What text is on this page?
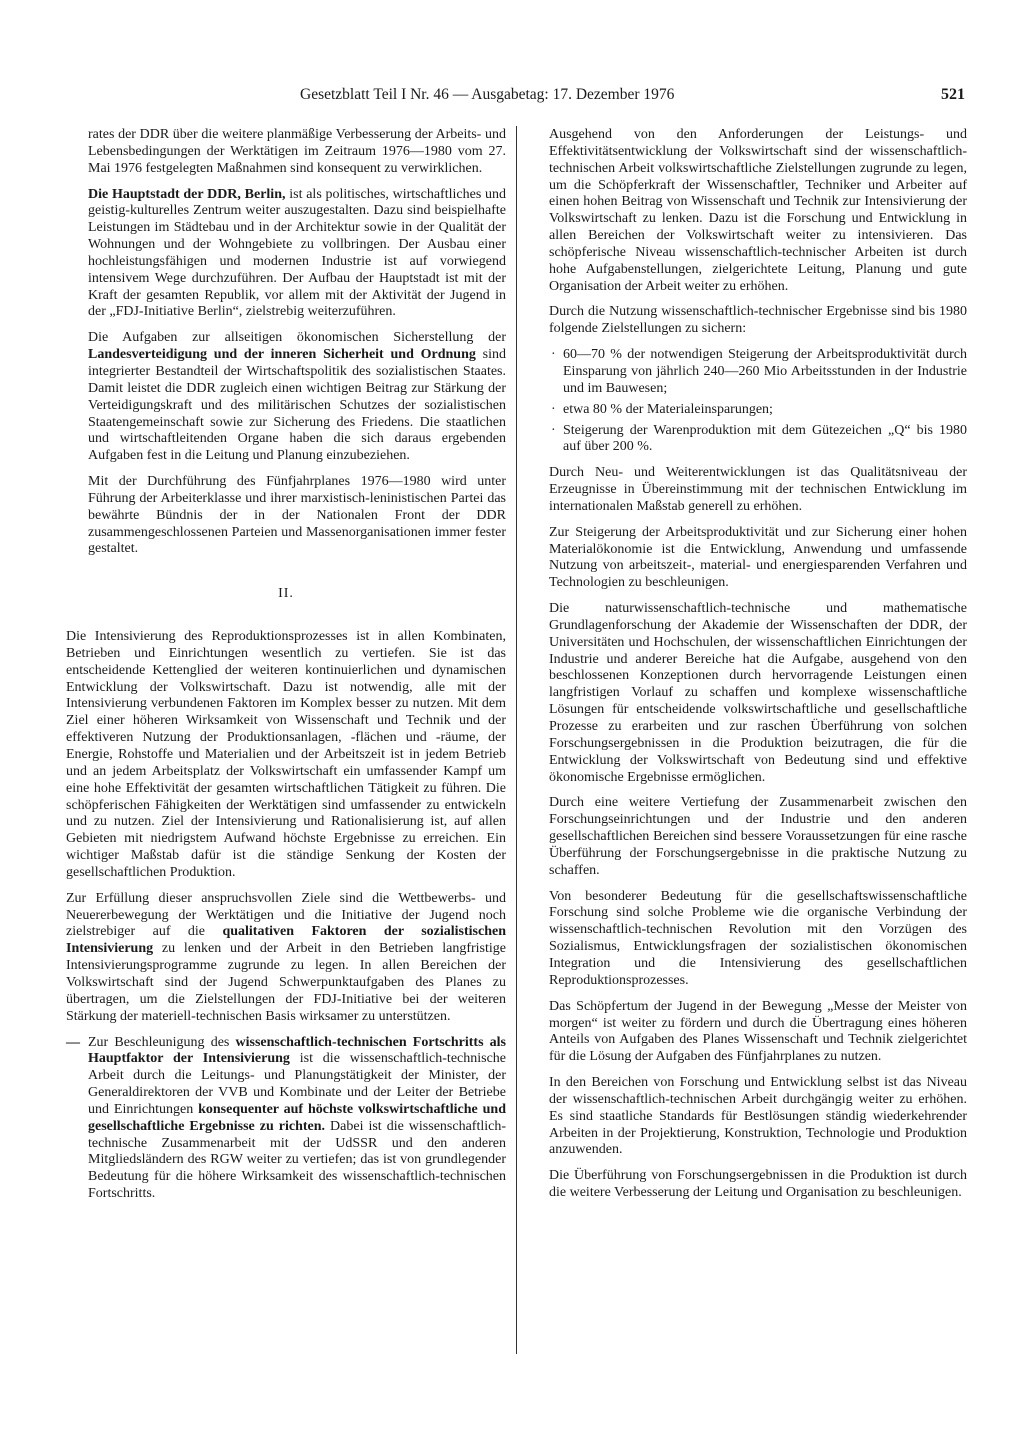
Gesetzblatt Teil I Nr. 46 — Ausgabetag: 17. Dezember 1976	521

rates der DDR über die weitere planmäßige Verbesserung der Arbeits- und Lebensbedingungen der Werktätigen im Zeitraum 1976—1980 vom 27. Mai 1976 festgelegten Maßnahmen sind konsequent zu verwirklichen.

Die Hauptstadt der DDR, Berlin, ist als politisches, wirtschaftliches und geistig-kulturelles Zentrum weiter auszugestalten. Dazu sind beispielhafte Leistungen im Städtebau und in der Architektur sowie in der Qualität der Wohnungen und der Wohngebiete zu vollbringen. Der Ausbau einer hochleistungsfähigen und modernen Industrie ist auf vorwiegend intensivem Wege durchzuführen. Der Aufbau der Hauptstadt ist mit der Kraft der gesamten Republik, vor allem mit der Aktivität der Jugend in der „FDJ-Initiative Berlin“, zielstrebig weiterzuführen.

Die Aufgaben zur allseitigen ökonomischen Sicherstellung der Landesverteidigung und der inneren Sicherheit und Ordnung sind integrierter Bestandteil der Wirtschaftspolitik des sozialistischen Staates. Damit leistet die DDR zugleich einen wichtigen Beitrag zur Stärkung der Verteidigungskraft und des militärischen Schutzes der sozialistischen Staatengemeinschaft sowie zur Sicherung des Friedens. Die staatlichen und wirtschaftleitenden Organe haben die sich daraus ergebenden Aufgaben fest in die Leitung und Planung einzubeziehen.

Mit der Durchführung des Fünfjahrplanes 1976—1980 wird unter Führung der Arbeiterklasse und ihrer marxistisch-leninistischen Partei das bewährte Bündnis der in der Nationalen Front der DDR zusammengeschlossenen Parteien und Massenorganisationen immer fester gestaltet.

II.

Die Intensivierung des Reproduktionsprozesses ist in allen Kombinaten, Betrieben und Einrichtungen wesentlich zu vertiefen. Sie ist das entscheidende Kettenglied der weiteren kontinuierlichen und dynamischen Entwicklung der Volkswirtschaft. Dazu ist notwendig, alle mit der Intensivierung verbundenen Faktoren im Komplex besser zu nutzen. Mit dem Ziel einer höheren Wirksamkeit von Wissenschaft und Technik und der effektiveren Nutzung der Produktionsanlagen, -flächen und -räume, der Energie, Rohstoffe und Materialien und der Arbeitszeit ist in jedem Betrieb und an jedem Arbeitsplatz der Volkswirtschaft ein umfassender Kampf um eine hohe Effektivität der gesamten wirtschaftlichen Tätigkeit zu führen. Die schöpferischen Fähigkeiten der Werktätigen sind umfassender zu entwickeln und zu nutzen. Ziel der Intensivierung und Rationalisierung ist, auf allen Gebieten mit niedrigstem Aufwand höchste Ergebnisse zu erreichen. Ein wichtiger Maßstab dafür ist die ständige Senkung der Kosten der gesellschaftlichen Produktion.

Zur Erfüllung dieser anspruchsvollen Ziele sind die Wettbewerbs- und Neuererbewegung der Werktätigen und die Initiative der Jugend noch zielstrebiger auf die qualitativen Faktoren der sozialistischen Intensivierung zu lenken und der Arbeit in den Betrieben langfristige Intensivierungsprogramme zugrunde zu legen. In allen Bereichen der Volkswirtschaft sind der Jugend Schwerpunktaufgaben des Planes zu übertragen, um die Zielstellungen der FDJ-Initiative bei der weiteren Stärkung der materiell-technischen Basis wirksamer zu unterstützen.

— Zur Beschleunigung des wissenschaftlich-technischen Fortschritts als Hauptfaktor der Intensivierung ist die wissenschaftlich-technische Arbeit durch die Leitungs- und Planungstätigkeit der Minister, der Generaldirektoren der VVB und Kombinate und der Leiter der Betriebe und Einrichtungen konsequenter auf höchste volkswirtschaftliche und gesellschaftliche Ergebnisse zu richten. Dabei ist die wissenschaftlich-technische Zusammenarbeit mit der UdSSR und den anderen Mitgliedsländern des RGW weiter zu vertiefen; das ist von grundlegender Bedeutung für die höhere Wirksamkeit des wissenschaftlich-technischen Fortschritts.

Ausgehend von den Anforderungen der Leistungs- und Effektivitätsentwicklung der Volkswirtschaft sind der wissenschaftlich-technischen Arbeit volkswirtschaftliche Zielstellungen zugrunde zu legen, um die Schöpferkraft der Wissenschaftler, Techniker und Arbeiter auf einen hohen Beitrag von Wissenschaft und Technik zur Intensivierung der Volkswirtschaft zu lenken. Dazu ist die Forschung und Entwicklung in allen Bereichen der Volkswirtschaft weiter zu intensivieren. Das schöpferische Niveau wissenschaftlich-technischer Arbeiten ist durch hohe Aufgabenstellungen, zielgerichtete Leitung, Planung und gute Organisation der Arbeit weiter zu erhöhen.

Durch die Nutzung wissenschaftlich-technischer Ergebnisse sind bis 1980 folgende Zielstellungen zu sichern:

· 60—70 % der notwendigen Steigerung der Arbeitsproduktivität durch Einsparung von jährlich 240—260 Mio Arbeitsstunden in der Industrie und im Bauwesen;
· etwa 80 % der Materialeinsparungen;
· Steigerung der Warenproduktion mit dem Gütezeichen „Q“ bis 1980 auf über 200 %.

Durch Neu- und Weiterentwicklungen ist das Qualitätsniveau der Erzeugnisse in Übereinstimmung mit der technischen Entwicklung im internationalen Maßstab generell zu erhöhen.

Zur Steigerung der Arbeitsproduktivität und zur Sicherung einer hohen Materialökonomie ist die Entwicklung, Anwendung und umfassende Nutzung von arbeitszeit-, material- und energiesparenden Verfahren und Technologien zu beschleunigen.

Die naturwissenschaftlich-technische und mathematische Grundlagenforschung der Akademie der Wissenschaften der DDR, der Universitäten und Hochschulen, der wissenschaftlichen Einrichtungen der Industrie und anderer Bereiche hat die Aufgabe, ausgehend von den beschlossenen Konzeptionen durch hervorragende Leistungen einen langfristigen Vorlauf zu schaffen und komplexe wissenschaftliche Lösungen für entscheidende volkswirtschaftliche und gesellschaftliche Prozesse zu erarbeiten und zur raschen Überführung von solchen Forschungsergebnissen in die Produktion beizutragen, die für die Entwicklung der Volkswirtschaft von Bedeutung sind und effektive ökonomische Ergebnisse ermöglichen.

Durch eine weitere Vertiefung der Zusammenarbeit zwischen den Forschungseinrichtungen und der Industrie und den anderen gesellschaftlichen Bereichen sind bessere Voraussetzungen für eine rasche Überführung der Forschungsergebnisse in die praktische Nutzung zu schaffen.

Von besonderer Bedeutung für die gesellschaftswissenschaftliche Forschung sind solche Probleme wie die organische Verbindung der wissenschaftlich-technischen Revolution mit den Vorzügen des Sozialismus, Entwicklungsfragen der sozialistischen ökonomischen Integration und die Intensivierung des gesellschaftlichen Reproduktionsprozesses.

Das Schöpfertum der Jugend in der Bewegung „Messe der Meister von morgen“ ist weiter zu fördern und durch die Übertragung eines höheren Anteils von Aufgaben des Planes Wissenschaft und Technik zielgerichtet für die Lösung der Aufgaben des Fünfjahrplanes zu nutzen.

In den Bereichen von Forschung und Entwicklung selbst ist das Niveau der wissenschaftlich-technischen Arbeit durchgängig weiter zu erhöhen. Es sind staatliche Standards für Bestlösungen ständig wiederkehrender Arbeiten in der Projektierung, Konstruktion, Technologie und Produktion anzuwenden.

Die Überführung von Forschungsergebnissen in die Produktion ist durch die weitere Verbesserung der Leitung und Organisation zu beschleunigen.
